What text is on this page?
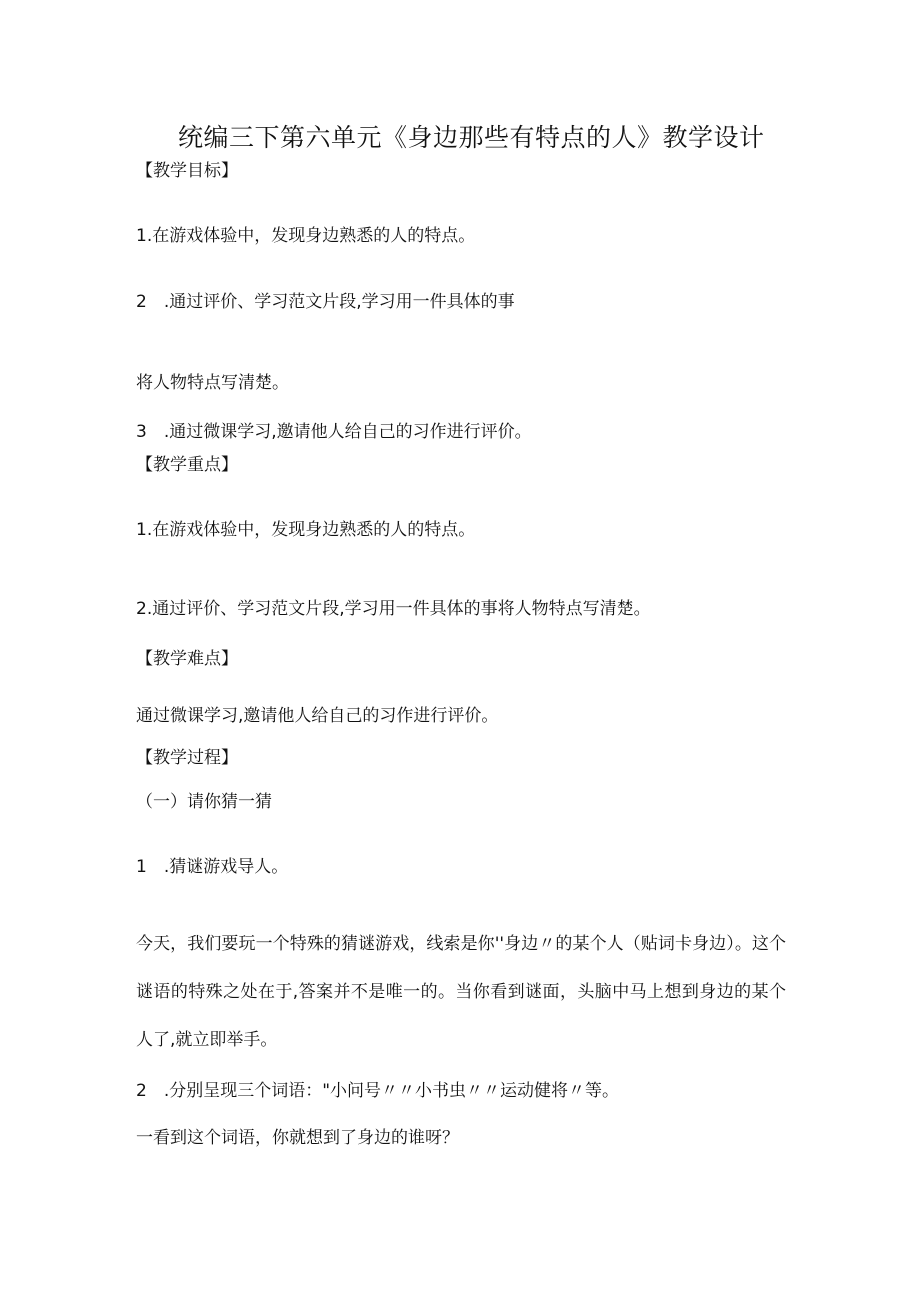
统编三下第六单元《身边那些有特点的人》教学设计
【教学目标】
1.在游戏体验中，发现身边熟悉的人的特点。
2　.通过评价、学习范文片段,学习用一件具体的事
将人物特点写清楚。
3　.通过微课学习,邀请他人给自己的习作进行评价。
【教学重点】
1.在游戏体验中，发现身边熟悉的人的特点。
2.通过评价、学习范文片段,学习用一件具体的事将人物特点写清楚。
【教学难点】
通过微课学习,邀请他人给自己的习作进行评价。
【教学过程】
（一）请你猜一猜
1　.猜谜游戏导人。
今天，我们要玩一个特殊的猜谜游戏，线索是你''身边〃的某个人（贴词卡身边）。这个谜语的特殊之处在于,答案并不是唯一的。当你看到谜面，头脑中马上想到身边的某个人了,就立即举手。
2　.分别呈现三个词语："小问号〃〃小书虫〃〃运动健将〃等。
一看到这个词语，你就想到了身边的谁呀？
